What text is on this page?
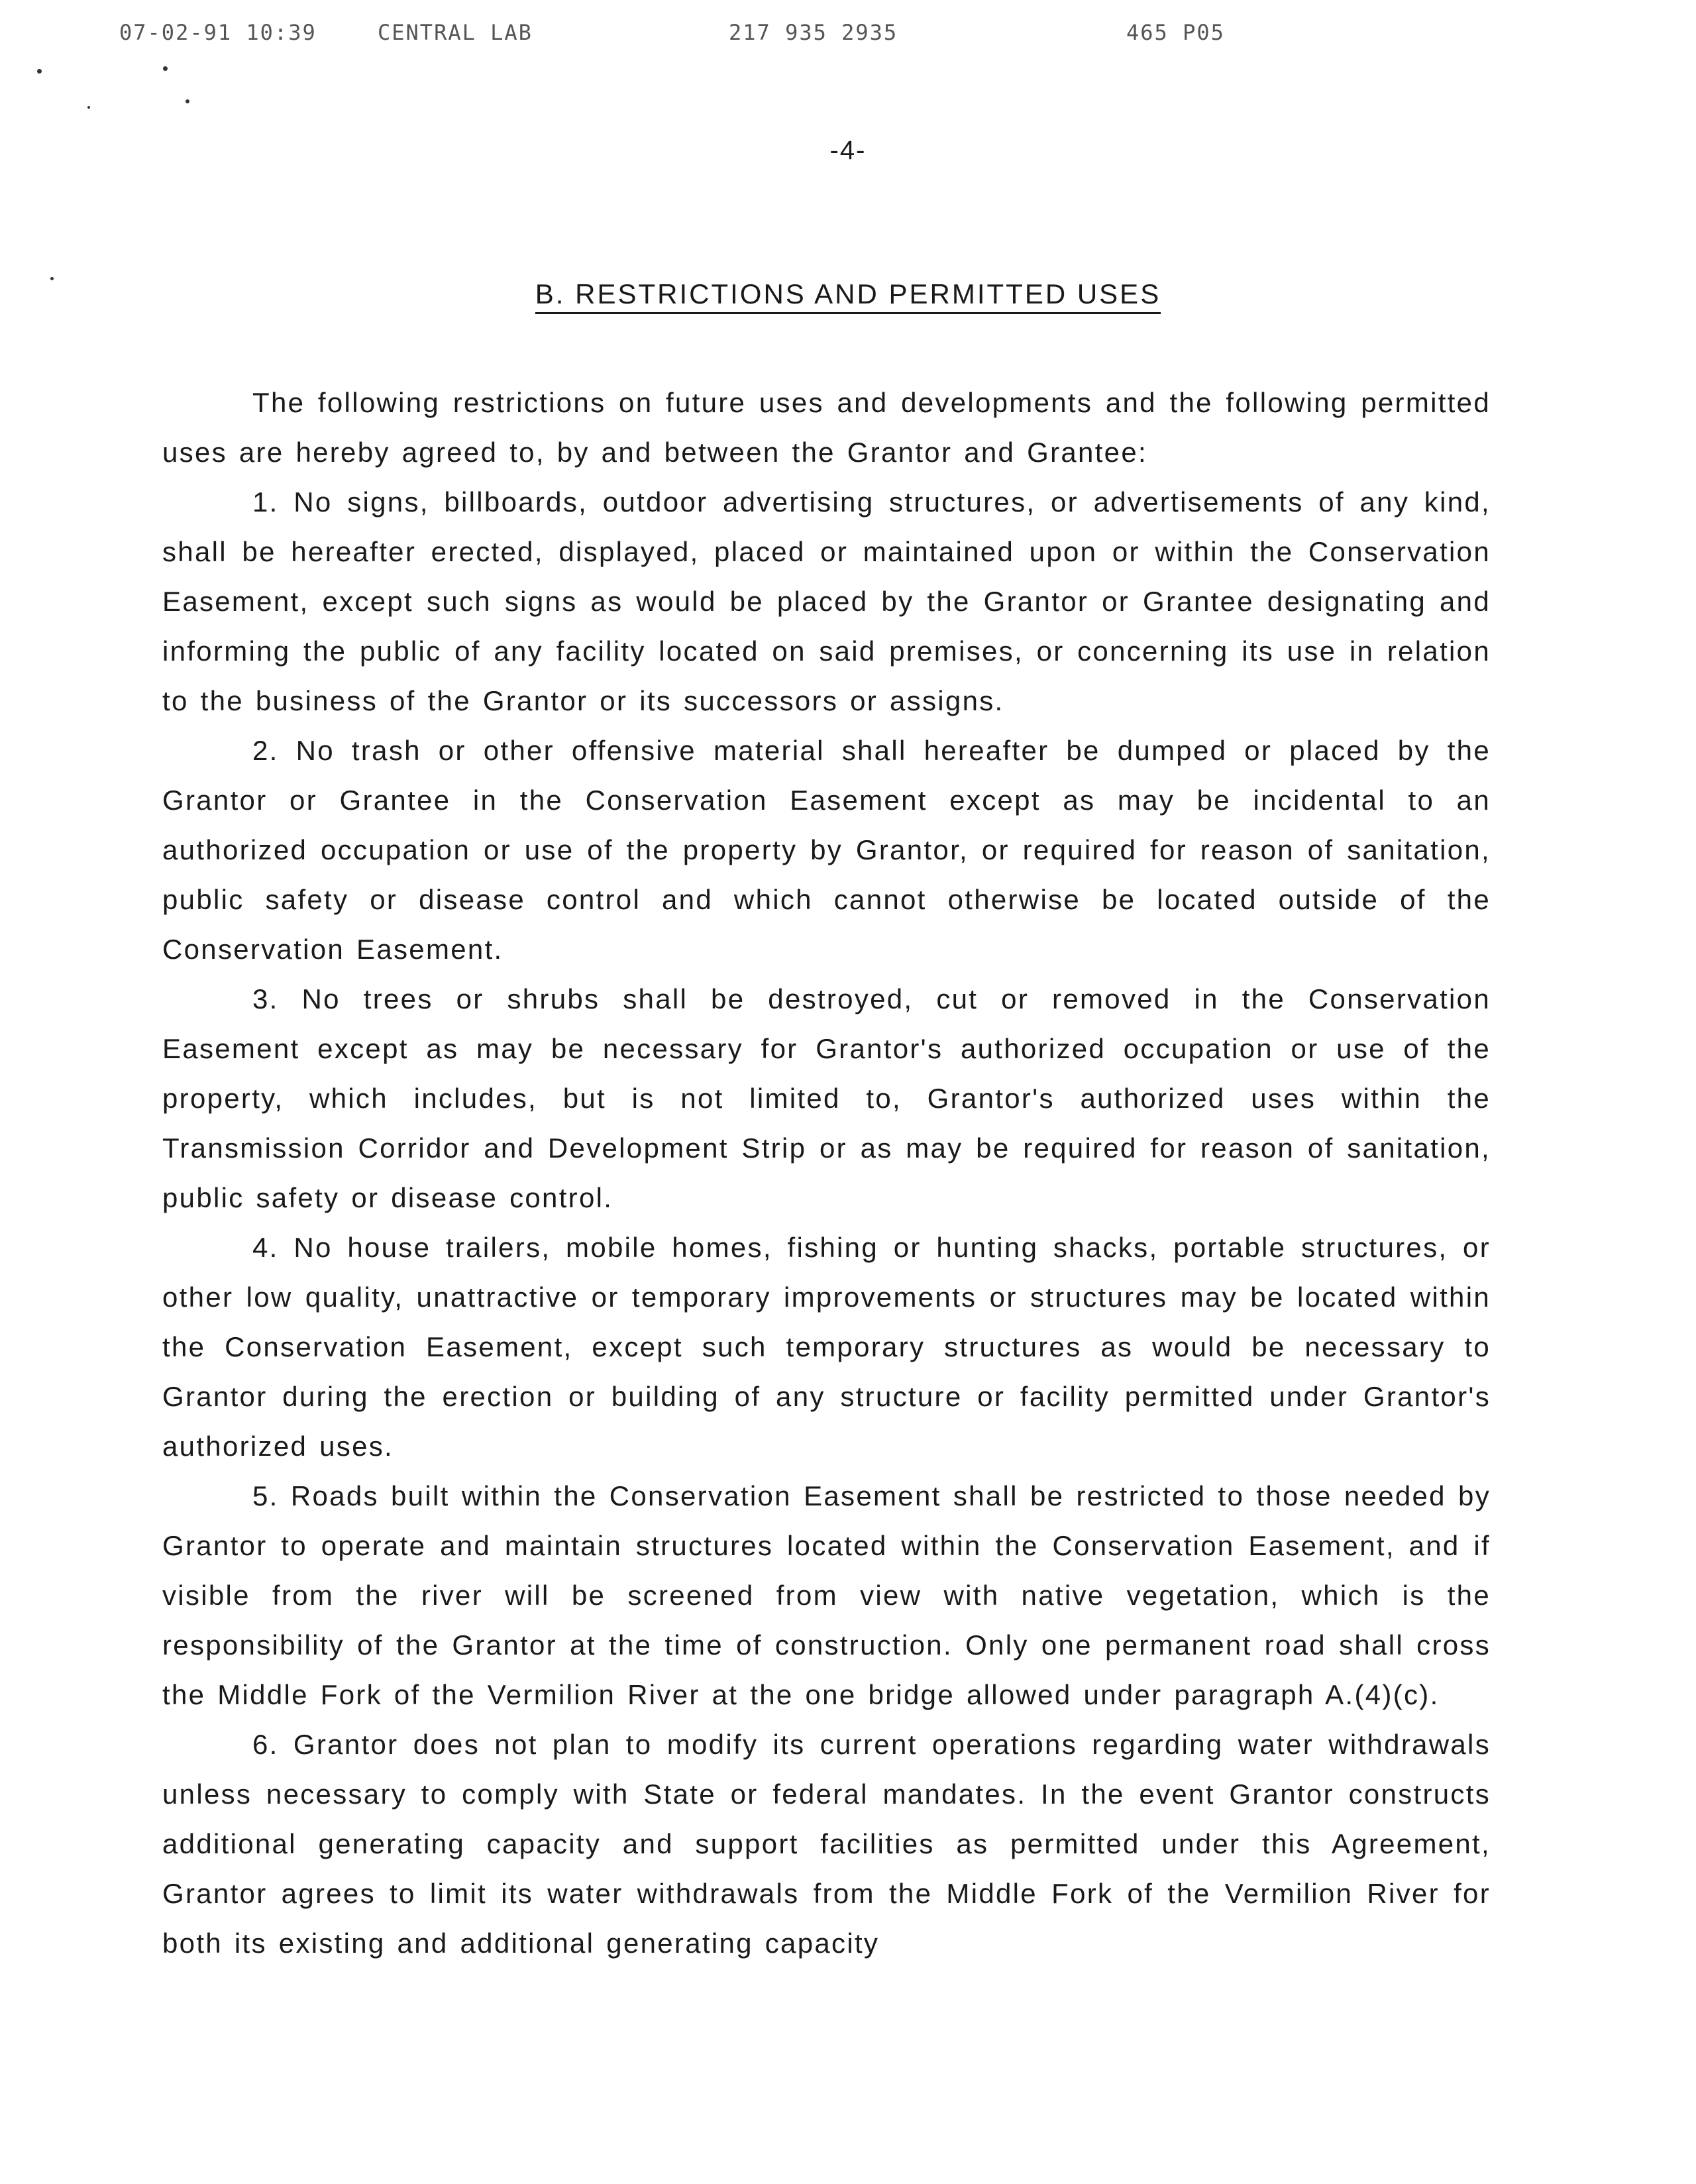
07-02-91 10:39	CENTRAL LAB	217 935 2935	465 P05
-4-
B. RESTRICTIONS AND PERMITTED USES

The following restrictions on future uses and developments and the following permitted uses are hereby agreed to, by and between the Grantor and Grantee:

1. No signs, billboards, outdoor advertising structures, or advertisements of any kind, shall be hereafter erected, displayed, placed or maintained upon or within the Conservation Easement, except such signs as would be placed by the Grantor or Grantee designating and informing the public of any facility located on said premises, or concerning its use in relation to the business of the Grantor or its successors or assigns.

2. No trash or other offensive material shall hereafter be dumped or placed by the Grantor or Grantee in the Conservation Easement except as may be incidental to an authorized occupation or use of the property by Grantor, or required for reason of sanitation, public safety or disease control and which cannot otherwise be located outside of the Conservation Easement.

3. No trees or shrubs shall be destroyed, cut or removed in the Conservation Easement except as may be necessary for Grantor's authorized occupation or use of the property, which includes, but is not limited to, Grantor's authorized uses within the Transmission Corridor and Development Strip or as may be required for reason of sanitation, public safety or disease control.

4. No house trailers, mobile homes, fishing or hunting shacks, portable structures, or other low quality, unattractive or temporary improvements or structures may be located within the Conservation Easement, except such temporary structures as would be necessary to Grantor during the erection or building of any structure or facility permitted under Grantor's authorized uses.

5. Roads built within the Conservation Easement shall be restricted to those needed by Grantor to operate and maintain structures located within the Conservation Easement, and if visible from the river will be screened from view with native vegetation, which is the responsibility of the Grantor at the time of construction. Only one permanent road shall cross the Middle Fork of the Vermilion River at the one bridge allowed under paragraph A.(4)(c).

6. Grantor does not plan to modify its current operations regarding water withdrawals unless necessary to comply with State or federal mandates. In the event Grantor constructs additional generating capacity and support facilities as permitted under this Agreement, Grantor agrees to limit its water withdrawals from the Middle Fork of the Vermilion River for both its existing and additional generating capacity
